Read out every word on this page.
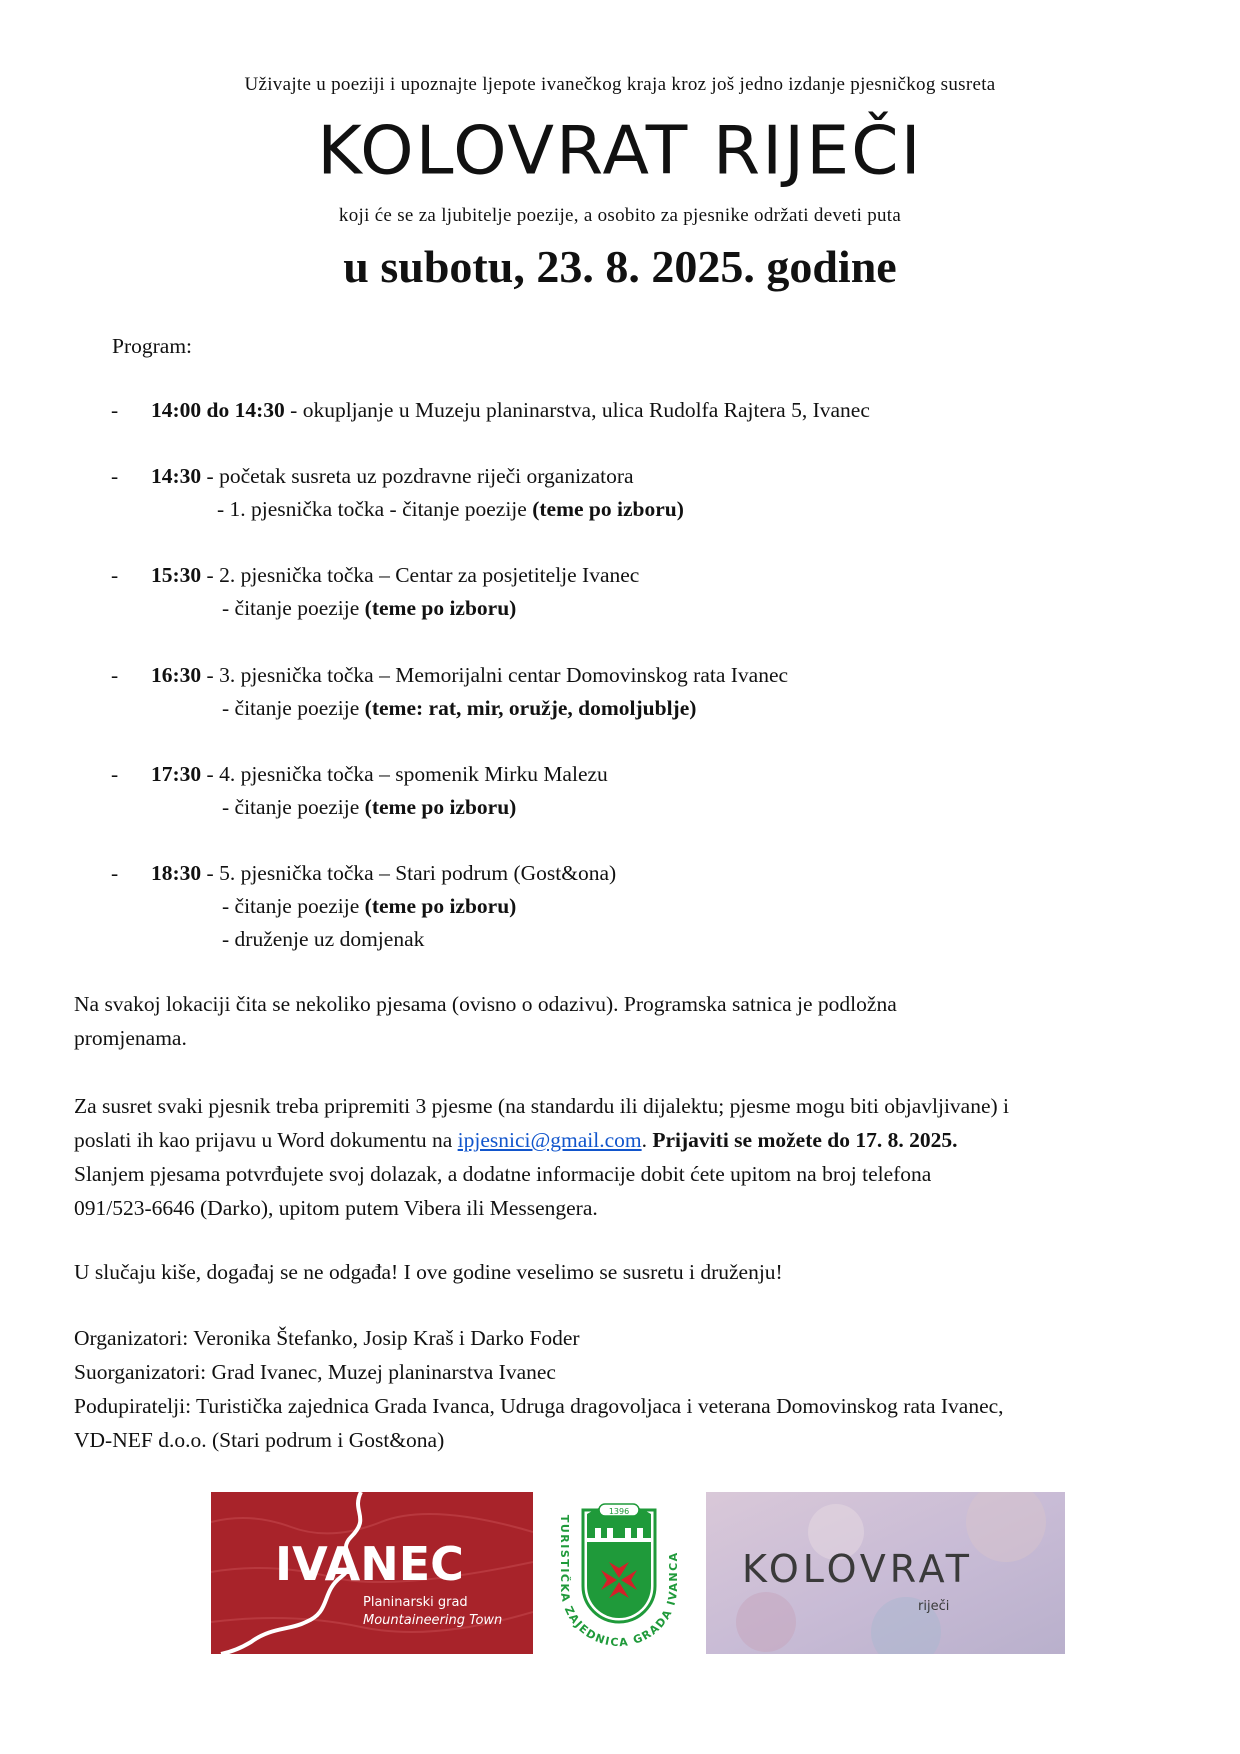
Uživajte u poeziji i upoznajte ljepote ivanečkog kraja kroz još jedno izdanje pjesničkog susreta
KOLOVRAT RIJEČI
koji će se za ljubitelje poezije, a osobito za pjesnike održati deveti puta
u subotu, 23. 8. 2025. godine
Program:
- 14:00 do 14:30 - okupljanje u Muzeju planinarstva, ulica Rudolfa Rajtera 5, Ivanec
- 14:30 - početak susreta uz pozdravne riječi organizatora
- 1. pjesnička točka - čitanje poezije (teme po izboru)
- 15:30 - 2. pjesnička točka – Centar za posjetitelje Ivanec
- čitanje poezije (teme po izboru)
- 16:30 - 3. pjesnička točka – Memorijalni centar Domovinskog rata Ivanec
- čitanje poezije (teme: rat, mir, oružje, domoljublje)
- 17:30 - 4. pjesnička točka – spomenik Mirku Malezu
- čitanje poezije (teme po izboru)
- 18:30 - 5. pjesnička točka – Stari podrum (Gost&ona)
- čitanje poezije (teme po izboru)
- druženje uz domjenak
Na svakoj lokaciji čita se nekoliko pjesama (ovisno o odazivu). Programska satnica je podložna
promjenama.
Za susret svaki pjesnik treba pripremiti 3 pjesme (na standardu ili dijalektu; pjesme mogu biti objavljivane) i
poslati ih kao prijavu u Word dokumentu na ipjesnici@gmail.com. Prijaviti se možete do 17. 8. 2025.
Slanjem pjesama potvrđujete svoj dolazak, a dodatne informacije dobit ćete upitom na broj telefona
091/523-6646 (Darko), upitom putem Vibera ili Messengera.
U slučaju kiše, događaj se ne odgađa! I ove godine veselimo se susretu i druženju!
Organizatori: Veronika Štefanko, Josip Kraš i Darko Foder
Suorganizatori: Grad Ivanec, Muzej planinarstva Ivanec
Podupiratelji: Turistička zajednica Grada Ivanca, Udruga dragovoljaca i veterana Domovinskog rata Ivanec,
VD-NEF d.o.o. (Stari podrum i Gost&ona)
IVANEC
Planinarski grad
Mountaineering Town
TURISTIČKA ZAJEDNICA GRADA IVANCA
1396
KOLOVRAT
riječi
